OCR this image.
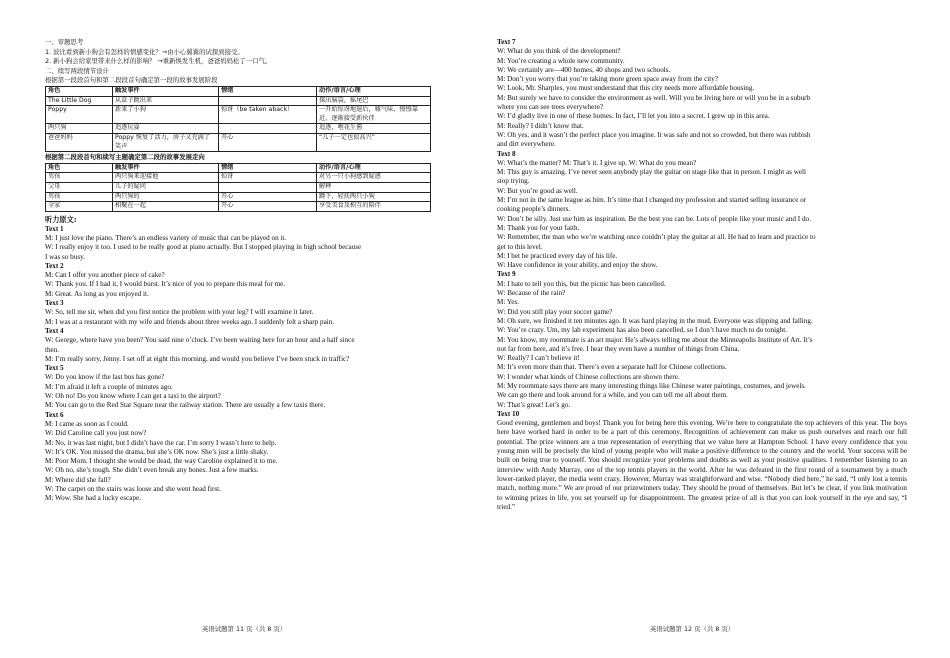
一、审题思考
1. 波比看到新小狗会有怎样的情感变化？→由小心翼翼的试探到接受。
2. 新小狗会给家里带来什么样的影响？ →重新焕发生机，爸爸妈妈松了一口气。
二、续写两段情节设计
根据第一段段首句和第二段段首句确定第一段的故事发展阶段
角色	触发事件	情绪	动作/语言/心理
The Little Dog	从盒子跳出来		探出脑袋，摇尾巴
Poppy	新来了小狗	惊讶（be taken aback）	一开始惊讶地退后，嘘气味，慢慢靠近，逐渐接受新伙伴
两只狗	追逐玩耍		追逐，咆花生酱
爸爸妈妈	Poppy 恢复了活力，房子又充满了笑声	开心	“儿子一定也很高兴”
根据第二段段首句和续写主题确定第二段的故事发展走向
角色	触发事件	情绪	动作/语言/心理
男孩	两只狗来迎接他	惊讶	对另一只小狗感到疑惑
父母	儿子的疑问		解释
男孩	两只狗的	开心	蹲下，轻抚两只小狗
全家	相聚在一起	开心	享受美食及相互的陪伴
听力原文:
Text 1
M: I just love the piano. There’s an endless variety of music that can be played on it.
W: I really enjoy it too. I used to be really good at piano actually. But I stopped playing in high school because
I was so busy.
Text 2
M: Can I offer you another piece of cake?
W: Thank you. If I had it, I would burst. It’s nice of you to prepare this meal for me.
M: Great. As long as you enjoyed it.
Text 3
W: So, tell me sir, when did you first notice the problem with your leg? I will examine it later.
M: I was at a restaurant with my wife and friends about three weeks ago. I suddenly felt a sharp pain.
Text 4
W: George, where have you been? You said nine o’clock. I’ve been waiting here for an hour and a half since
then.
M: I’m really sorry, Jenny. I set off at eight this morning, and would you believe I’ve been stuck in traffic?
Text 5
W: Do you know if the last bus has gone?
M: I’m afraid it left a couple of minutes ago.
W: Oh no! Do you know where I can get a taxi to the airport?
M: You can go to the Red Star Square near the railway station. There are usually a few taxis there.
Text 6
M: I came as soon as I could.
W: Did Caroline call you just now?
M: No, it was last night, but I didn’t have the car. I’m sorry I wasn’t here to help.
W: It’s OK. You missed the drama, but she’s OK now. She’s just a little shaky.
M: Poor Mom. I thought she would be dead, the way Caroline explained it to me.
W: Oh no, she’s tough. She didn’t even break any bones. Just a few marks.
M: Where did she fall?
W: The carpet on the stairs was loose and she went head first.
M: Wow. She had a lucky escape.
Text 7
W: What do you think of the development?
M: You’re creating a whole new community.
W: We certainly are—400 homes, 40 shops and two schools.
M: Don’t you worry that you’re taking more green space away from the city?
W: Look, Mr. Sharples, you must understand that this city needs more affordable housing.
M: But surely we have to consider the environment as well. Will you be living here or will you be in a suburb
where you can see trees everywhere?
W: I’d gladly live in one of these homes. In fact, I’ll let you into a secret. I grew up in this area.
M: Really? I didn’t know that.
W: Oh yes, and it wasn’t the perfect place you imagine. It was safe and not so crowded, but there was rubbish
and dirt everywhere.
Text 8
W: What’s the matter? M: That’s it. I give up. W: What do you mean?
M: This guy is amazing. I’ve never seen anybody play the guitar on stage like that in person. I might as well
stop trying.
W: But you’re good as well.
M: I’m not in the same league as him. It’s time that I changed my profession and started selling insurance or
cooking people’s dinners.
W: Don’t be silly. Just use him as inspiration. Be the best you can be. Lots of people like your music and I do.
M: Thank you for your faith.
W: Remember, the man who we’re watching once couldn’t play the guitar at all. He had to learn and practice to
get to this level.
M: I bet he practiced every day of his life.
W: Have confidence in your ability, and enjoy the show.
Text 9
M: I hate to tell you this, but the picnic has been cancelled.
W: Because of the rain?
M: Yes.
W: Did you still play your soccer game?
M: Oh sure, we finished it ten minutes ago. It was hard playing in the mud. Everyone was slipping and falling.
W: You’re crazy. Um, my lab experiment has also been cancelled, so I don’t have much to do tonight.
M: You know, my roommate is an art major. He’s always telling me about the Minneapolis Institute of Art. It’s
not far from here, and it’s free. I hear they even have a number of things from China.
W: Really? I can’t believe it!
M: It’s even more than that. There’s even a separate hall for Chinese collections.
W: I wonder what kinds of Chinese collections are shown there.
M: My roommate says there are many interesting things like Chinese water paintings, costumes, and jewels.
We can go there and look around for a while, and you can tell me all about them.
W: That’s great! Let’s go.
Text 10
Good evening, gentlemen and boys! Thank you for being here this evening. We’re here to congratulate the top achievers of this year. The boys here have worked hard in order to be a part of this ceremony. Recognition of achievement can make us push ourselves and reach our full potential. The prize winners are a true representation of everything that we value here at Hampton School. I have every confidence that you young men will be precisely the kind of young people who will make a positive difference to the country and the world. Your success will be built on being true to yourself. You should recognize your problems and doubts as well as your positive qualities. I remember listening to an interview with Andy Murray, one of the top tennis players in the world. After he was defeated in the first round of a tournament by a much lower-ranked player, the media went crazy. However, Murray was straightforward and wise. “Nobody died here,” he said, “I only lost a tennis match, nothing more.” We are proud of our prizewinners today. They should be proud of themselves. But let’s be clear, if you link motivation to winning prizes in life, you set yourself up for disappointment. The greatest prize of all is that you can look yourself in the eye and say, “I tried.”
英语试题第 11 页（共 8 页）	英语试题第 12 页（共 8 页）
